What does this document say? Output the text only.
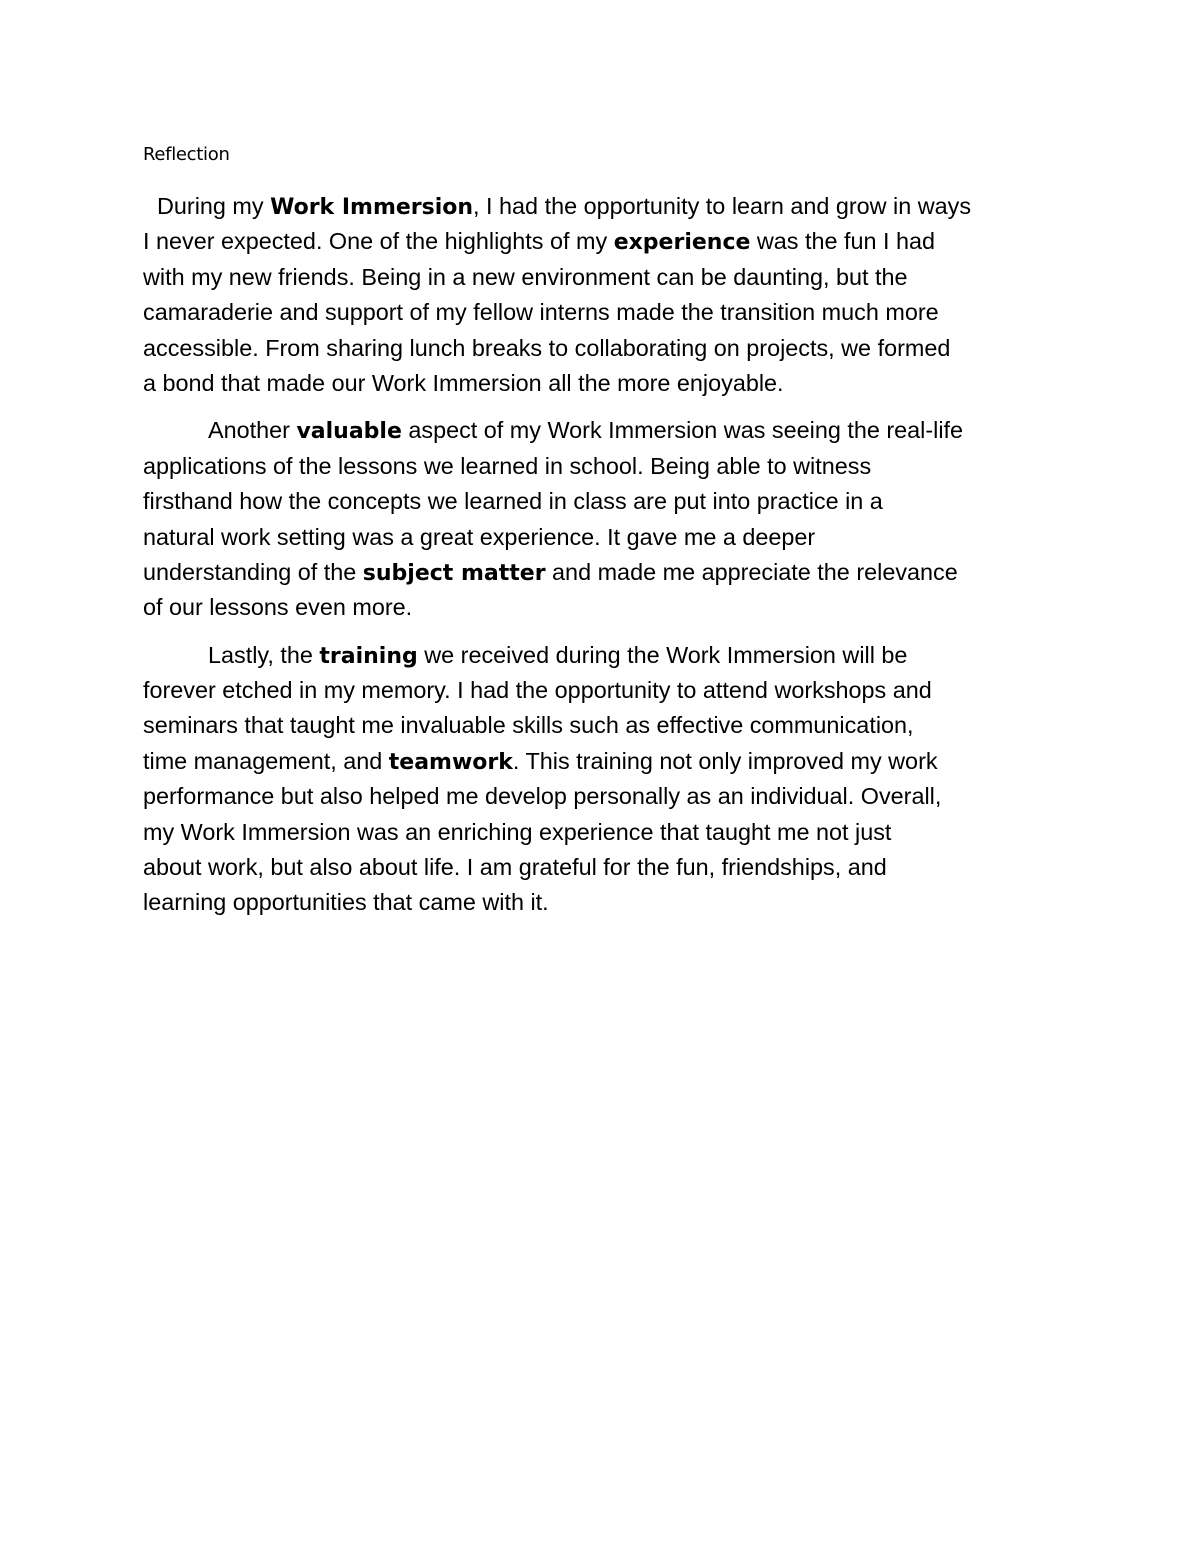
Reflection

During my Work Immersion, I had the opportunity to learn and grow in ways
I never expected. One of the highlights of my experience was the fun I had
with my new friends. Being in a new environment can be daunting, but the
camaraderie and support of my fellow interns made the transition much more
accessible. From sharing lunch breaks to collaborating on projects, we formed
a bond that made our Work Immersion all the more enjoyable.

Another valuable aspect of my Work Immersion was seeing the real-life
applications of the lessons we learned in school. Being able to witness
firsthand how the concepts we learned in class are put into practice in a
natural work setting was a great experience. It gave me a deeper
understanding of the subject matter and made me appreciate the relevance
of our lessons even more.

Lastly, the training we received during the Work Immersion will be
forever etched in my memory. I had the opportunity to attend workshops and
seminars that taught me invaluable skills such as effective communication,
time management, and teamwork. This training not only improved my work
performance but also helped me develop personally as an individual. Overall,
my Work Immersion was an enriching experience that taught me not just
about work, but also about life. I am grateful for the fun, friendships, and
learning opportunities that came with it.
